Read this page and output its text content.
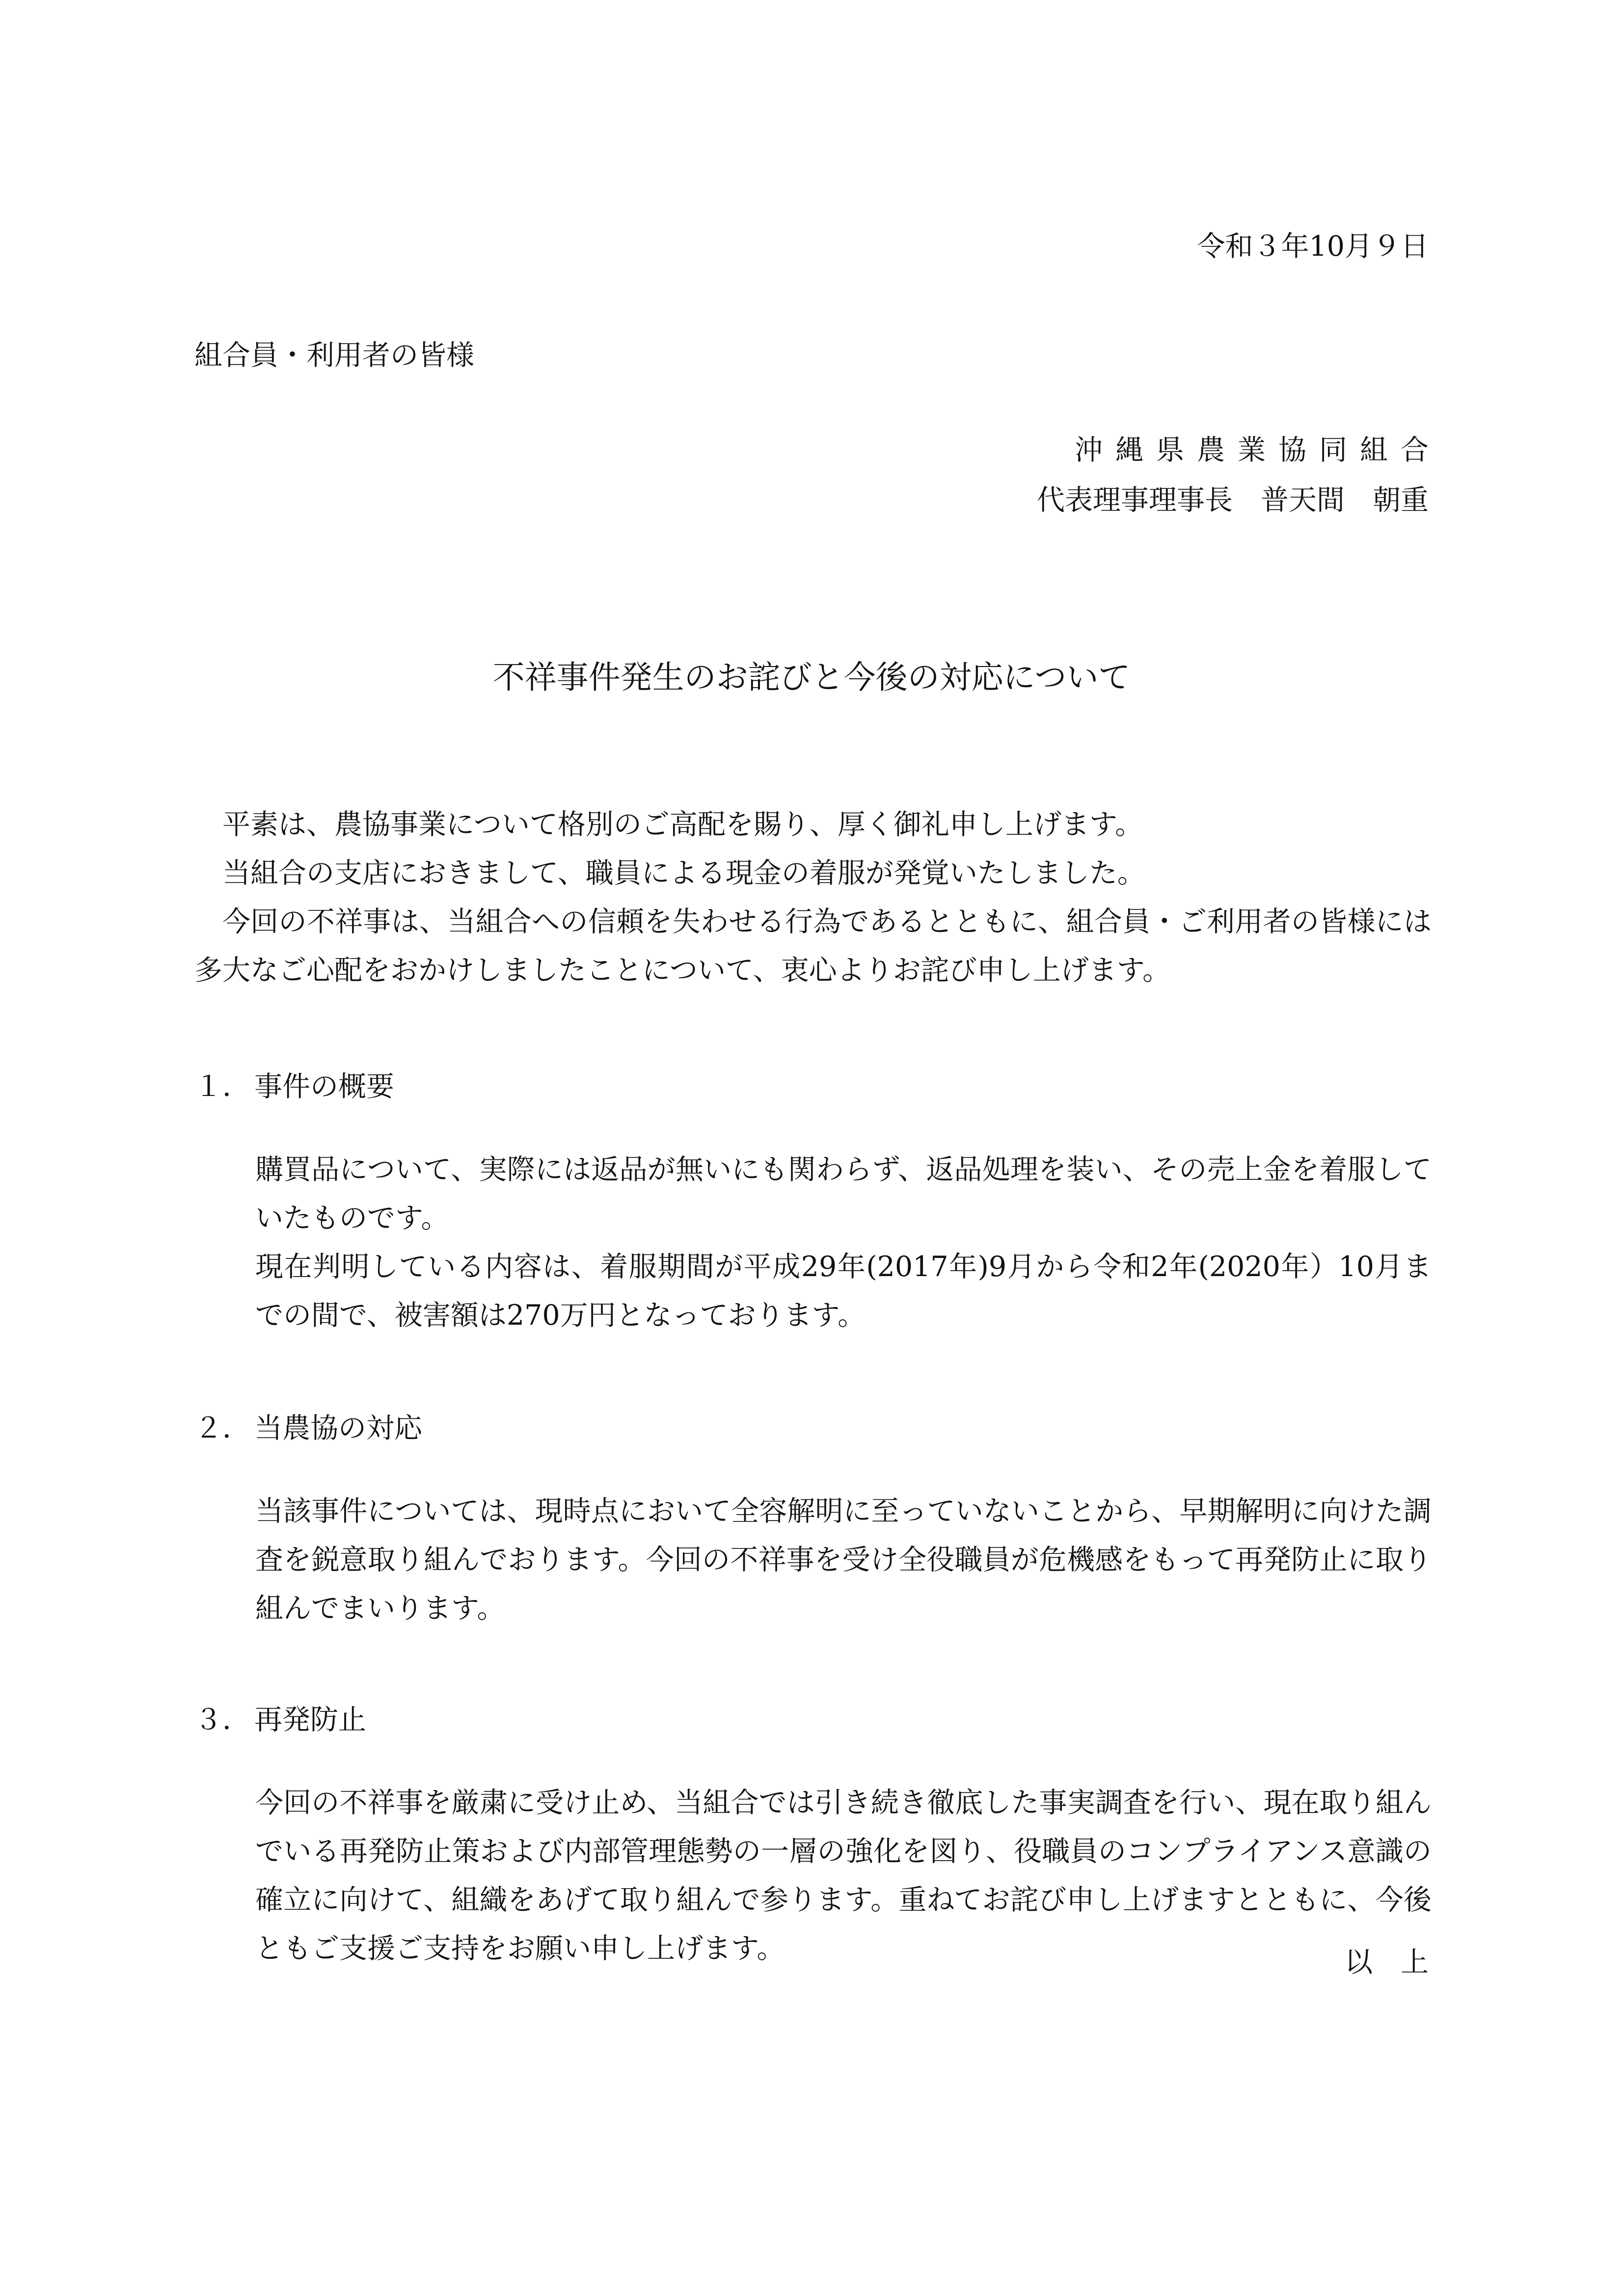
令和３年10月９日
組合員・利用者の皆様
沖縄県農業協同組合
代表理事理事長　普天間　朝重
不祥事件発生のお詫びと今後の対応について

平素は、農協事業について格別のご高配を賜り、厚く御礼申し上げます。

当組合の支店におきまして、職員による現金の着服が発覚いたしました。

今回の不祥事は、当組合への信頼を失わせる行為であるとともに、組合員・ご利用者の皆様には多大なご心配をおかけしましたことについて、衷心よりお詫び申し上げます。

１． 事件の概要

購買品について、実際には返品が無いにも関わらず、返品処理を装い、その売上金を着服していたものです。

現在判明している内容は、着服期間が平成29年(2017年)9月から令和2年(2020年）10月までの間で、被害額は270万円となっております。

２． 当農協の対応

当該事件については、現時点において全容解明に至っていないことから、早期解明に向けた調査を鋭意取り組んでおります。今回の不祥事を受け全役職員が危機感をもって再発防止に取り組んでまいります。

３． 再発防止

今回の不祥事を厳粛に受け止め、当組合では引き続き徹底した事実調査を行い、現在取り組んでいる再発防止策および内部管理態勢の一層の強化を図り、役職員のコンプライアンス意識の確立に向けて、組織をあげて取り組んで参ります。重ねてお詫び申し上げますとともに、今後ともご支援ご支持をお願い申し上げます。	以　上
